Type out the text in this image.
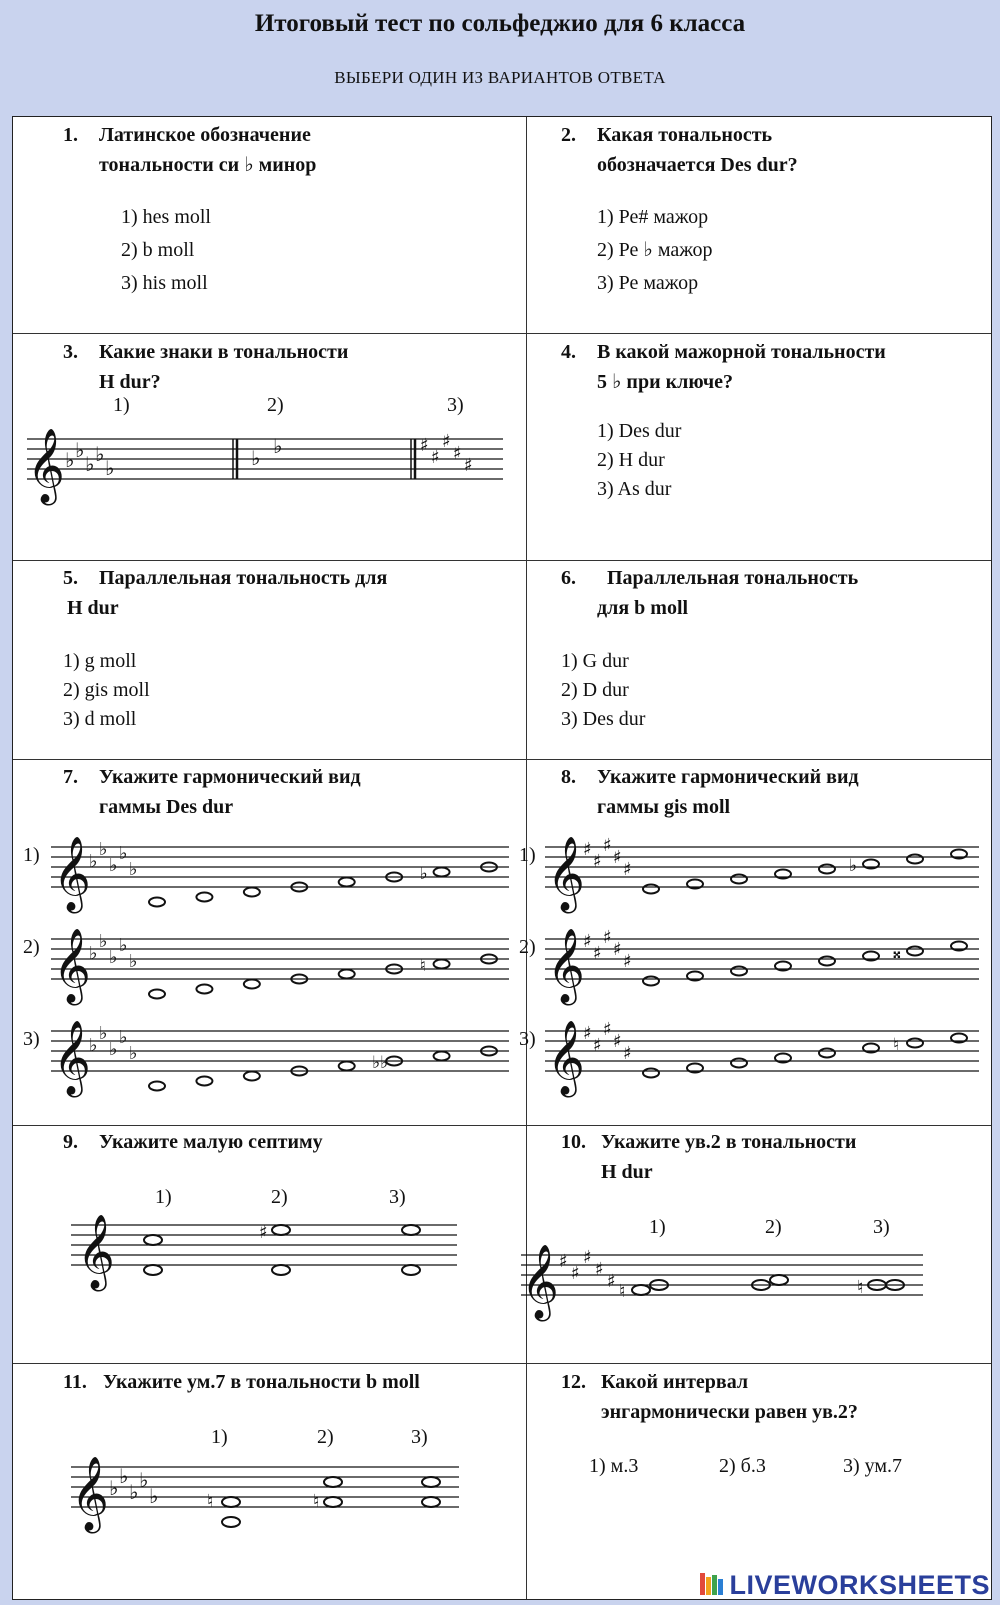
Итоговый тест по сольфеджио для 6 класса
ВЫБЕРИ ОДИН ИЗ ВАРИАНТОВ ОТВЕТА
1. Латинское обозначение
тональности си ♭ минор
1) hes moll
2) b moll
3) his moll
2. Какая тональность
обозначается Des dur?
1) Ре# мажор
2) Ре ♭ мажор
3) Ре мажор
3. Какие знаки в тональности
H dur?
1)	2)	3)
𝄞 ♭ ♭
♭ ♭
♭	♭ ♭	♯
♯
♯
♯
♯
4. В какой мажорной тональности
5 ♭ при ключе?
1) Des dur
2) H dur
3) As dur
5. Параллельная тональность для
H dur
1) g moll
2) gis moll
3) d moll
6. Параллельная тональность
для b moll
1) G dur
2) D dur
3) Des dur
7. Укажите гармонический вид
гаммы Des dur
1)
2)
3)
𝄞
♭
♭
♭
♭
♭	♭
𝄞
♭
♭
♭
♭
♭	♮
𝄞
♭
♭
♭
♭
♭	♭♭
8. Укажите гармонический вид
гаммы gis moll
1)
2)
3)
𝄞
♯
♯
♯
♯
♯	♭
𝄞
♯
♯
♯
♯
♯	𝄪
𝄞
♯
♯
♯
♯
♯	♮
9. Укажите малую септиму
1)	2)	3)
𝄞	♯
10. Укажите ув.2 в тональности
H dur
1)	2)	3)
𝄞 ♯
♯
♯
♯
♯ ♮	♮
11. Укажите ум.7 в тональности b moll
1)	2)	3)
𝄞 ♭ ♭
♭ ♭
♭	♮	♮
12. Какой интервал
энгармонически равен ув.2?
1) м.3	2) б.3	3) ум.7
LIVEWORKSHEETS
